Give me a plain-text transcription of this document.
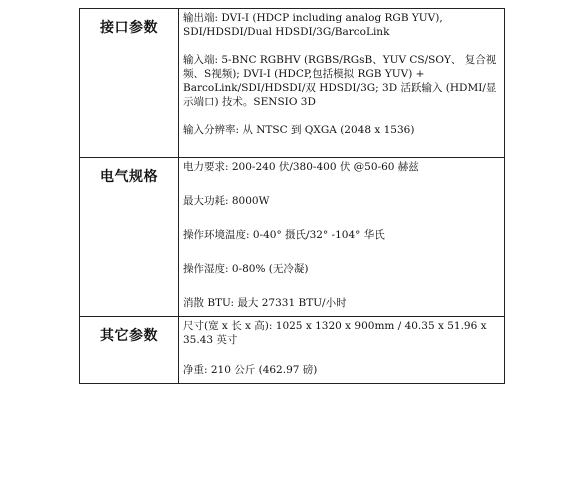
接口参数	输出端: DVI-I (HDCP including analog RGB YUV), SDI/HDSDI/Dual HDSDI/3G/BarcoLink

输入端: 5-BNC RGBHV (RGBS/RGsB、YUV CS/SOY、 复合视频、S视频); DVI-I (HDCP,包括模拟 RGB YUV) + BarcoLink/SDI/HDSDI/双 HDSDI/3G; 3D 活跃输入 (HDMI/显示端口) 技术。SENSIO 3D

输入分辨率: 从 NTSC 到 QXGA (2048 x 1536)

电气规格	电力要求: 200-240 伏/380-400 伏 @50-60 赫兹

最大功耗: 8000W

操作环境温度: 0-40° 摄氏/32° -104° 华氏

操作湿度: 0-80% (无冷凝)

消散 BTU: 最大 27331 BTU/小时

其它参数	尺寸(宽 x 长 x 高): 1025 x 1320 x 900mm / 40.35 x 51.96 x 35.43 英寸

净重: 210 公斤 (462.97 磅)
